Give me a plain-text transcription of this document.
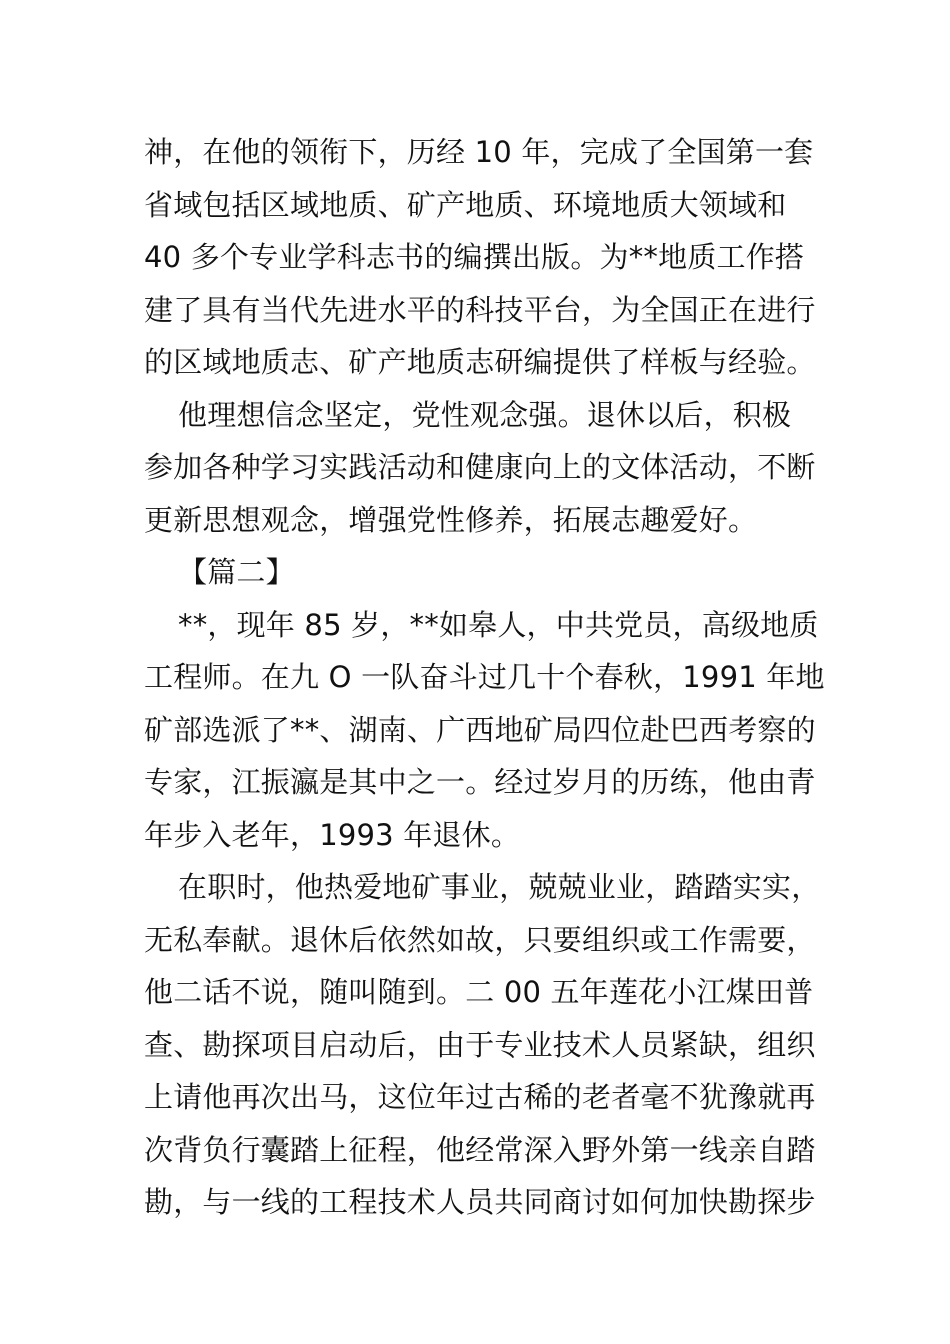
神，在他的领衔下，历经 10 年，完成了全国第一套
省域包括区域地质、矿产地质、环境地质大领域和
40 多个专业学科志书的编撰出版。为**地质工作搭
建了具有当代先进水平的科技平台，为全国正在进行
的区域地质志、矿产地质志研编提供了样板与经验。
他理想信念坚定，党性观念强。退休以后，积极
参加各种学习实践活动和健康向上的文体活动，不断
更新思想观念，增强党性修养，拓展志趣爱好。
【篇二】
**，现年 85 岁，**如皋人，中共党员，高级地质
工程师。在九 O 一队奋斗过几十个春秋，1991 年地
矿部选派了**、湖南、广西地矿局四位赴巴西考察的
专家，江振瀛是其中之一。经过岁月的历练，他由青
年步入老年，1993 年退休。
在职时，他热爱地矿事业，兢兢业业，踏踏实实，
无私奉献。退休后依然如故，只要组织或工作需要，
他二话不说，随叫随到。二 00 五年莲花小江煤田普
查、勘探项目启动后，由于专业技术人员紧缺，组织
上请他再次出马，这位年过古稀的老者毫不犹豫就再
次背负行囊踏上征程，他经常深入野外第一线亲自踏
勘，与一线的工程技术人员共同商讨如何加快勘探步
